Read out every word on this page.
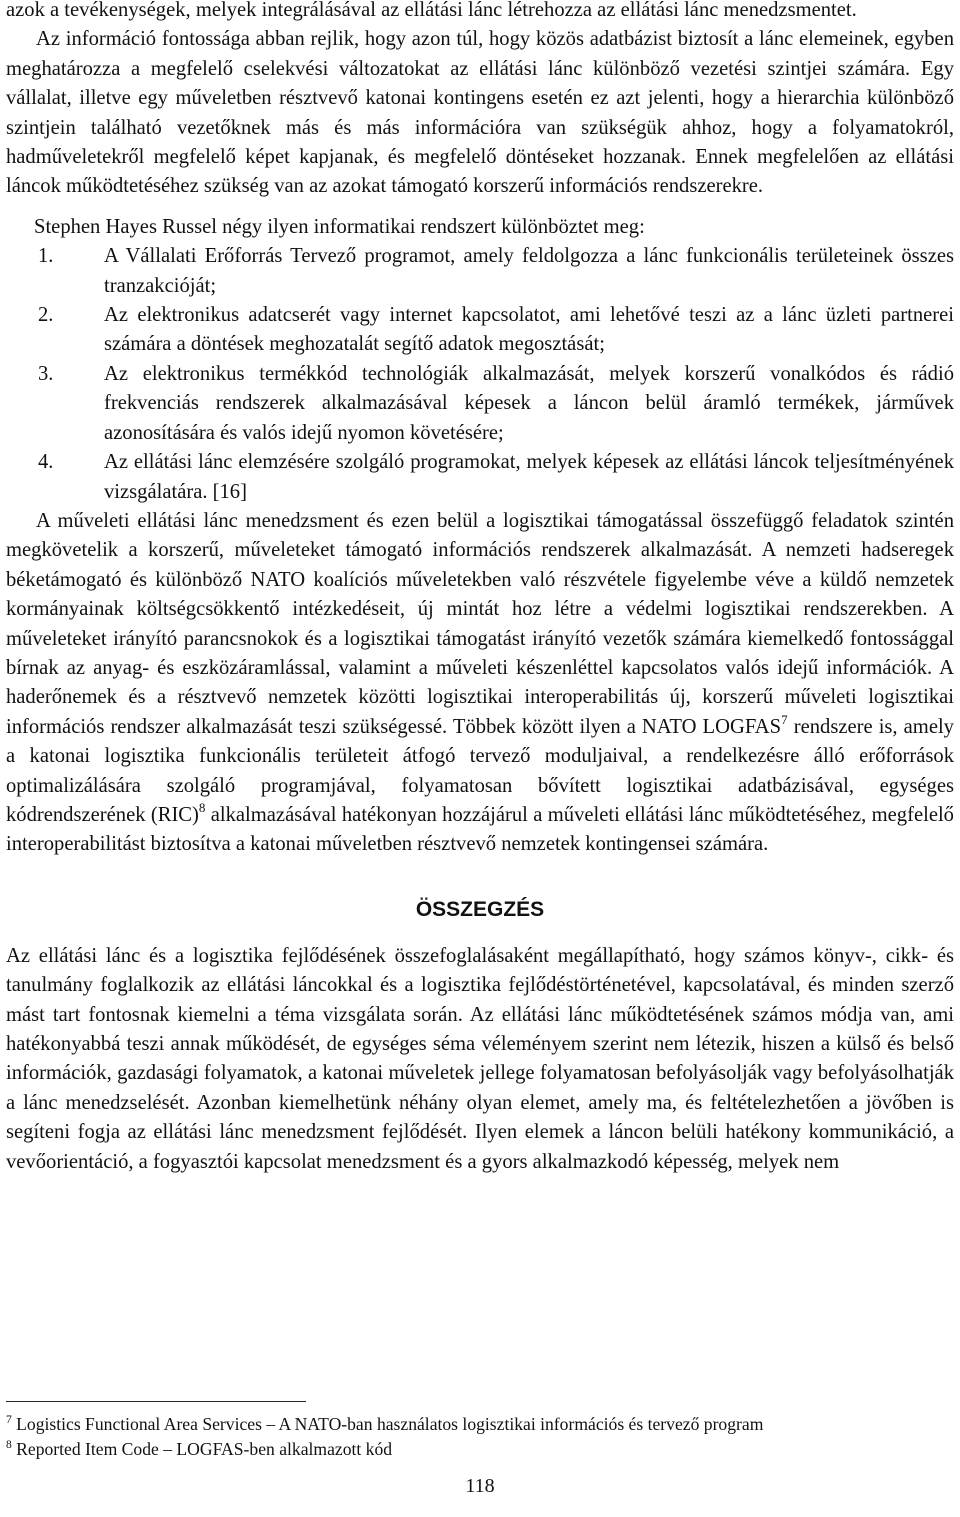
azok a tevékenységek, melyek integrálásával az ellátási lánc létrehozza az ellátási lánc menedzsmentet.

Az információ fontossága abban rejlik, hogy azon túl, hogy közös adatbázist biztosít a lánc elemeinek, egyben meghatározza a megfelelő cselekvési változatokat az ellátási lánc különböző vezetési szintjei számára. Egy vállalat, illetve egy műveletben résztvevő katonai kontingens esetén ez azt jelenti, hogy a hierarchia különböző szintjein található vezetőknek más és más információra van szükségük ahhoz, hogy a folyamatokról, hadműveletekről megfelelő képet kapjanak, és megfelelő döntéseket hozzanak. Ennek megfelelően az ellátási láncok működtetéséhez szükség van az azokat támogató korszerű információs rendszerekre.

Stephen Hayes Russel négy ilyen informatikai rendszert különböztet meg:

1.	A Vállalati Erőforrás Tervező programot, amely feldolgozza a lánc funkcionális területeinek összes tranzakcióját;
2.	Az elektronikus adatcserét vagy internet kapcsolatot, ami lehetővé teszi az a lánc üzleti partnerei számára a döntések meghozatalát segítő adatok megosztását;
3.	Az elektronikus termékkód technológiák alkalmazását, melyek korszerű vonalkódos és rádió frekvenciás rendszerek alkalmazásával képesek a láncon belül áramló termékek, járművek azonosítására és valós idejű nyomon követésére;
4.	Az ellátási lánc elemzésére szolgáló programokat, melyek képesek az ellátási láncok teljesítményének vizsgálatára. [16]

A műveleti ellátási lánc menedzsment és ezen belül a logisztikai támogatással összefüggő feladatok szintén megkövetelik a korszerű, műveleteket támogató információs rendszerek alkalmazását. A nemzeti hadseregek béketámogató és különböző NATO koalíciós műveletekben való részvétele figyelembe véve a küldő nemzetek kormányainak költségcsökkentő intézkedéseit, új mintát hoz létre a védelmi logisztikai rendszerekben. A műveleteket irányító parancsnokok és a logisztikai támogatást irányító vezetők számára kiemelkedő fontossággal bírnak az anyag- és eszközáramlással, valamint a műveleti készenléttel kapcsolatos valós idejű információk. A haderőnemek és a résztvevő nemzetek közötti logisztikai interoperabilitás új, korszerű műveleti logisztikai információs rendszer alkalmazását teszi szükségessé. Többek között ilyen a NATO LOGFAS$^7$ rendszere is, amely a katonai logisztika funkcionális területeit átfogó tervező moduljaival, a rendelkezésre álló erőforrások optimalizálására szolgáló programjával, folyamatosan bővített logisztikai adatbázisával, egységes kódrendszerének (RIC)$^8$ alkalmazásával hatékonyan hozzájárul a műveleti ellátási lánc működtetéséhez, megfelelő interoperabilitást biztosítva a katonai műveletben résztvevő nemzetek kontingensei számára.

ÖSSZEGZÉS

Az ellátási lánc és a logisztika fejlődésének összefoglalásaként megállapítható, hogy számos könyv-, cikk- és tanulmány foglalkozik az ellátási láncokkal és a logisztika fejlődéstörténetével, kapcsolatával, és minden szerző mást tart fontosnak kiemelni a téma vizsgálata során. Az ellátási lánc működtetésének számos módja van, ami hatékonyabbá teszi annak működését, de egységes séma véleményem szerint nem létezik, hiszen a külső és belső információk, gazdasági folyamatok, a katonai műveletek jellege folyamatosan befolyásolják vagy befolyásolhatják a lánc menedzselését. Azonban kiemelhetünk néhány olyan elemet, amely ma, és feltételezhetően a jövőben is segíteni fogja az ellátási lánc menedzsment fejlődését. Ilyen elemek a láncon belüli hatékony kommunikáció, a vevőorientáció, a fogyasztói kapcsolat menedzsment és a gyors alkalmazkodó képesség, melyek nem

$^7$ Logistics Functional Area Services – A NATO-ban használatos logisztikai információs és tervező program
$^8$ Reported Item Code – LOGFAS-ben alkalmazott kód
118
